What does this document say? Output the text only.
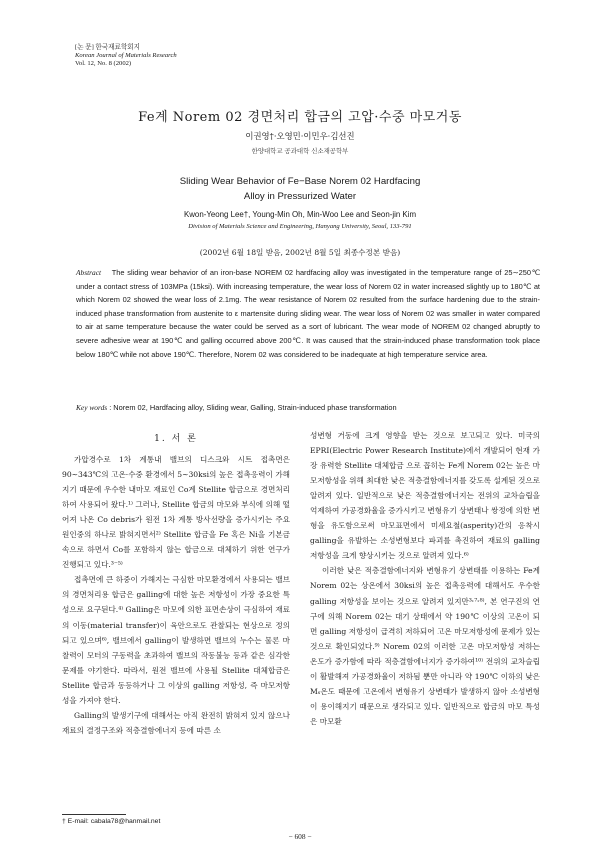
[논 문] 한국재료학회지
Korean Journal of Materials Research
Vol. 12, No. 8 (2002)
Fe계 Norem 02 경면처리 합금의 고압·수중 마모거동
이권영†·오영민·이민우·김선진
한양대학교 공과대학 신소재공학부
Sliding Wear Behavior of Fe−Base Norem 02 Hardfacing
Alloy in Pressurized Water
Kwon-Yeong Lee†, Young-Min Oh, Min-Woo Lee and Seon-jin Kim
Division of Materials Science and Engineering, Hanyang University, Seoul, 133-791
(2002년 6월 18일 받음, 2002년 8월 5일 최종수정본 받음)
Abstract The sliding wear behavior of an iron-base NOREM 02 hardfacing alloy was investigated in the temperature range of 25∼250℃ under a contact stress of 103MPa (15ksi). With increasing temperature, the wear loss of Norem 02 in water increased slightly up to 180℃ at which Norem 02 showed the wear loss of 2.1mg. The wear resistance of Norem 02 resulted from the surface hardening due to the strain-induced phase transformation from austenite to ε martensite during sliding wear. The wear loss of Norem 02 was smaller in water compared to air at same temperature because the water could be served as a sort of lubricant. The wear mode of NOREM 02 changed abruptly to severe adhesive wear at 190℃ and galling occurred above 200℃. It was caused that the strain-induced phase transformation took place below 180℃ while not above 190℃. Therefore, Norem 02 was considered to be inadequate at high temperature service area.
Key words : Norem 02, Hardfacing alloy, Sliding wear, Galling, Strain-induced phase transformation
1. 서 론

가압경수로 1차 계통내 밸브의 디스크와 시트 접촉면은 90∼343℃의 고온·수중 환경에서 5∼30ksi의 높은 접촉응력이 가해지기 때문에 우수한 내마모 재료인 Co계 Stellite 합금으로 경면처리하여 사용되어 왔다.¹⁾ 그러나, Stellite 합금의 마모와 부식에 의해 떨어져 나온 Co debris가 원전 1차 계통 방사선량을 증가시키는 주요 원인중의 하나로 밝혀지면서²⁾ Stellite 합금을 Fe 혹은 Ni을 기본금속으로 하면서 Co를 포함하지 않는 합금으로 대체하기 위한 연구가 진행되고 있다.³⁻⁵⁾

접촉면에 큰 하중이 가해지는 극심한 마모환경에서 사용되는 밸브의 경면처리용 합금은 galling에 대한 높은 저항성이 가장 중요한 특성으로 요구된다.⁴⁾ Galling은 마모에 의한 표면손상이 극심하여 재료의 이동(material transfer)이 육안으로도 관찰되는 현상으로 정의되고 있으며⁶⁾, 밸브에서 galling이 발생하면 밸브의 누수는 물론 마찰력이 모터의 구동력을 초과하여 밸브의 작동불능 등과 같은 심각한 문제를 야기한다. 따라서, 원전 밸브에 사용될 Stellite 대체합금은 Stellite 합금과 동등하거나 그 이상의 galling 저항성, 즉 마모저항성을 가져야 한다.

Galling의 발생기구에 대해서는 아직 완전히 밝혀져 있지 않으나 재료의 결정구조와 적층결함에너지 등에 따른 소

성변형 거동에 크게 영향을 받는 것으로 보고되고 있다. 미국의 EPRI(Electric Power Research Institute)에서 개발되어 현재 가장 유력한 Stellite 대체합금 으로 꼽히는 Fe계 Norem 02는 높은 마모저항성을 위해 최대한 낮은 적층결함에너지를 갖도록 설계된 것으로 알려져 있다. 일반적으로 낮은 적층결함에너지는 전위의 교차슬립을 억제하여 가공경화율을 증가시키고 변형유기 상변태나 쌍정에 의한 변형을 유도함으로써 마모표면에서 미세요철(asperity)간의 응착시 galling을 유발하는 소성변형보다 파괴를 촉진하여 재료의 galling 저항성을 크게 향상시키는 것으로 알려져 있다.⁶⁾

이러한 낮은 적층결함에너지와 변형유기 상변태를 이용하는 Fe계 Norem 02는 상온에서 30ksi의 높은 접촉응력에 대해서도 우수한 galling 저항성을 보이는 것으로 알려져 있지만³˒⁷˒⁸⁾, 본 연구진의 연구에 의해 Norem 02는 대기 상태에서 약 190℃ 이상의 고온이 되면 galling 저항성이 급격히 저하되어 고온 마모저항성에 문제가 있는 것으로 확인되었다.⁹⁾ Norem 02의 이러한 고온 마모저항성 저하는 온도가 증가함에 따라 적층결함에너지가 증가하여¹⁰⁾ 전위의 교차슬립이 활발해져 가공경화율이 저하됨 뿐만 아니라 약 190℃ 이하의 낮은 Mₛ온도 때문에 고온에서 변형유기 상변태가 발생하지 않아 소성변형이 용이해지기 때문으로 생각되고 있다. 일반적으로 합금의 마모 특성은 마모환

† E-mail: cabala78@hanmail.net
− 608 −
